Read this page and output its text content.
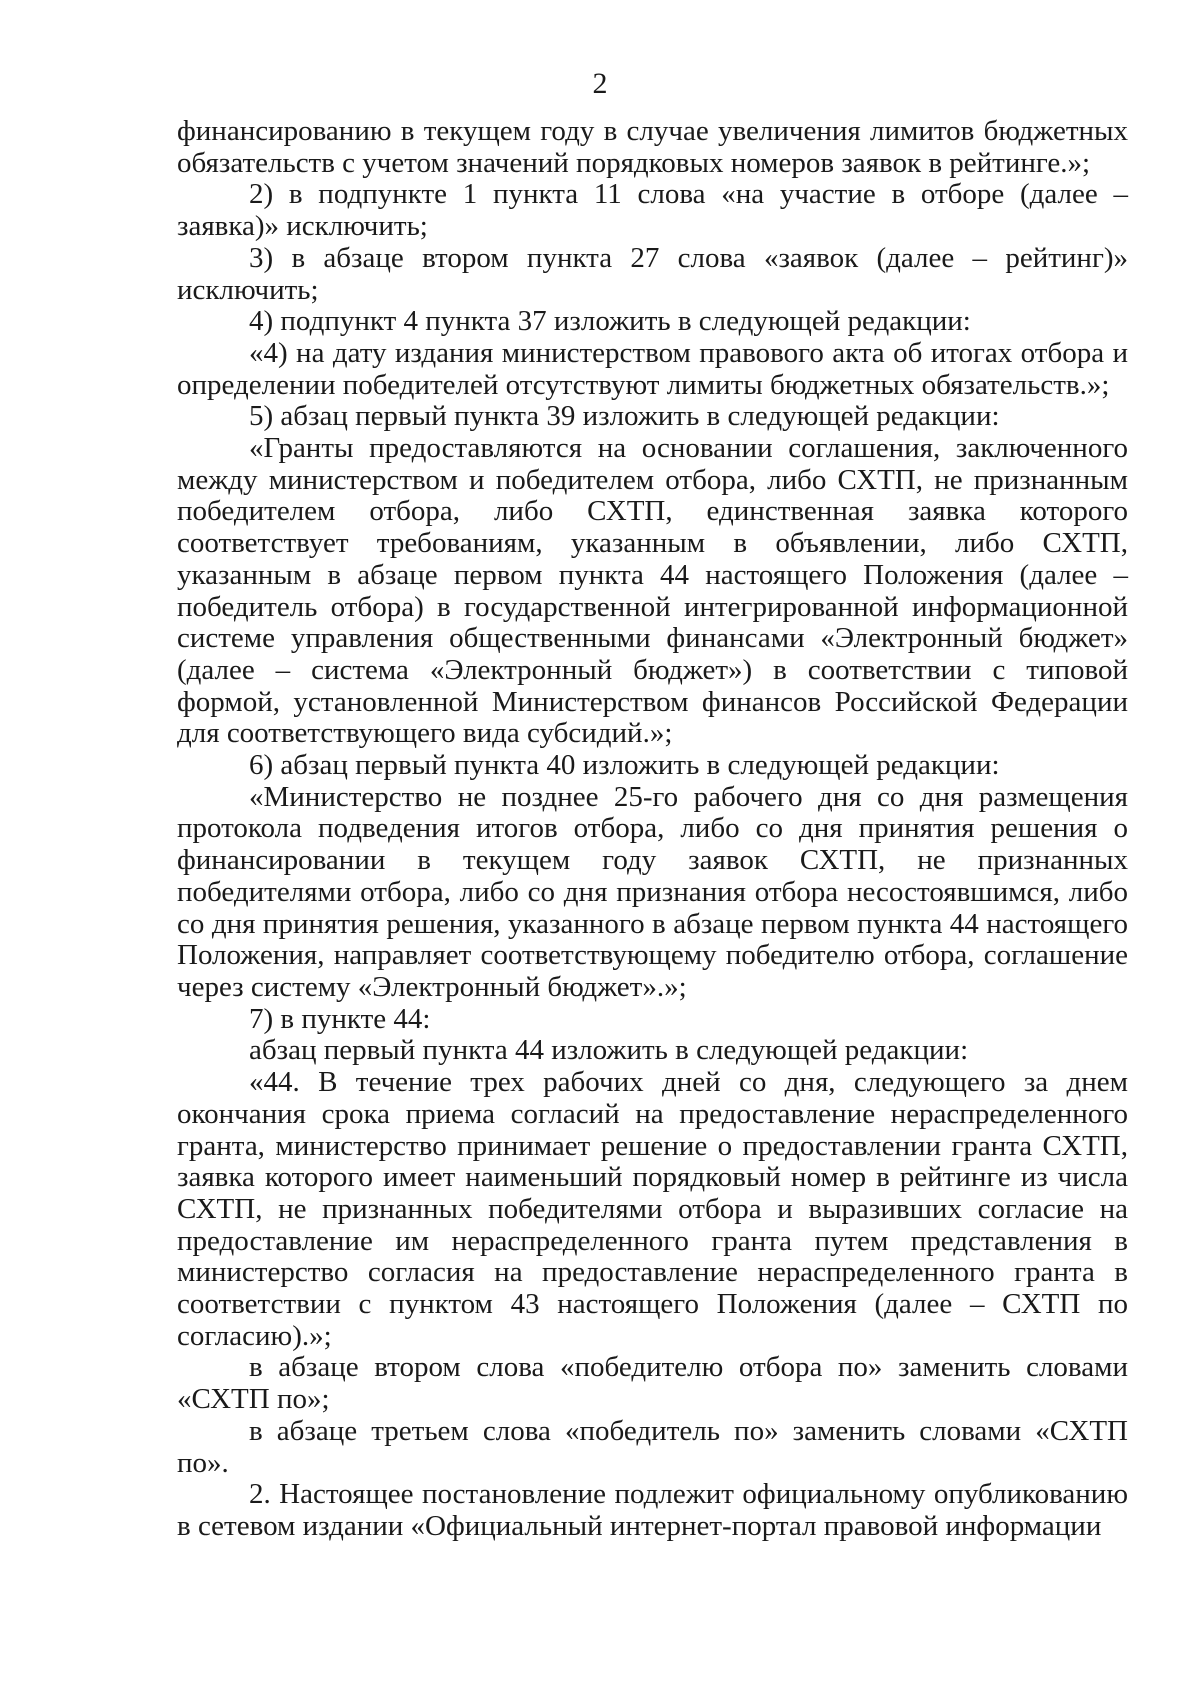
2

финансированию в текущем году в случае увеличения лимитов бюджетных обязательств с учетом значений порядковых номеров заявок в рейтинге.»;

2) в подпункте 1 пункта 11 слова «на участие в отборе (далее – заявка)» исключить;

3) в абзаце втором пункта 27 слова «заявок (далее – рейтинг)» исключить;

4) подпункт 4 пункта 37 изложить в следующей редакции:

«4) на дату издания министерством правового акта об итогах отбора и определении победителей отсутствуют лимиты бюджетных обязательств.»;

5) абзац первый пункта 39 изложить в следующей редакции:

«Гранты предоставляются на основании соглашения, заключенного между министерством и победителем отбора, либо СХТП, не признанным победителем отбора, либо СХТП, единственная заявка которого соответствует требованиям, указанным в объявлении, либо СХТП, указанным в абзаце первом пункта 44 настоящего Положения (далее – победитель отбора) в государственной интегрированной информационной системе управления общественными финансами «Электронный бюджет» (далее – система «Электронный бюджет») в соответствии с типовой формой, установленной Министерством финансов Российской Федерации для соответствующего вида субсидий.»;

6) абзац первый пункта 40 изложить в следующей редакции:

«Министерство не позднее 25-го рабочего дня со дня размещения протокола подведения итогов отбора, либо со дня принятия решения о финансировании в текущем году заявок СХТП, не признанных победителями отбора, либо со дня признания отбора несостоявшимся, либо со дня принятия решения, указанного в абзаце первом пункта 44 настоящего Положения, направляет соответствующему победителю отбора, соглашение через систему «Электронный бюджет».»;

7) в пункте 44:

абзац первый пункта 44 изложить в следующей редакции:

«44. В течение трех рабочих дней со дня, следующего за днем окончания срока приема согласий на предоставление нераспределенного гранта, министерство принимает решение о предоставлении гранта СХТП, заявка которого имеет наименьший порядковый номер в рейтинге из числа СХТП, не признанных победителями отбора и выразивших согласие на предоставление им нераспределенного гранта путем представления в министерство согласия на предоставление нераспределенного гранта в соответствии с пунктом 43 настоящего Положения (далее – СХТП по согласию).»;

в абзаце втором слова «победителю отбора по» заменить словами «СХТП по»;

в абзаце третьем слова «победитель по» заменить словами «СХТП по».

2. Настоящее постановление подлежит официальному опубликованию в сетевом издании «Официальный интернет-портал правовой информации
